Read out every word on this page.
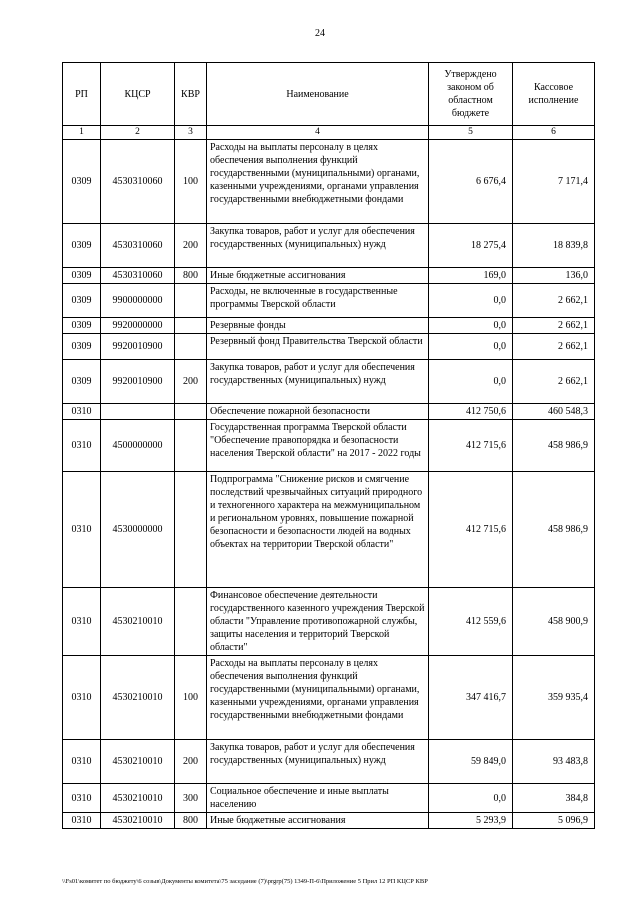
24
РП	КЦСР	КВР	Наименование	Утверждено законом об областном бюджете	Кассовое исполнение
1	2	3	4	5	6
0309	4530310060	100	Расходы на выплаты персоналу в целях обеспечения выполнения функций государственными (муниципальными) органами, казенными учреждениями, органами управления государственными внебюджетными фондами	6 676,4	7 171,4
0309	4530310060	200	Закупка товаров, работ и услуг для обеспечения государственных (муниципальных) нужд	18 275,4	18 839,8
0309	4530310060	800	Иные бюджетные ассигнования	169,0	136,0
0309	9900000000		Расходы, не включенные в государственные программы Тверской области	0,0	2 662,1
0309	9920000000		Резервные фонды	0,0	2 662,1
0309	9920010900		Резервный фонд Правительства Тверской области	0,0	2 662,1
0309	9920010900	200	Закупка товаров, работ и услуг для обеспечения государственных (муниципальных) нужд	0,0	2 662,1
0310			Обеспечение пожарной безопасности	412 750,6	460 548,3
0310	4500000000		Государственная программа Тверской области "Обеспечение правопорядка и безопасности населения Тверской области" на 2017 - 2022 годы	412 715,6	458 986,9
0310	4530000000		Подпрограмма "Снижение рисков и смягчение последствий чрезвычайных ситуаций природного и техногенного характера на межмуниципальном и региональном уровнях, повышение пожарной безопасности и безопасности людей на водных объектах на территории Тверской области"	412 715,6	458 986,9
0310	4530210010		Финансовое обеспечение деятельности государственного казенного учреждения Тверской области "Управление противопожарной службы, защиты населения и территорий Тверской области"	412 559,6	458 900,9
0310	4530210010	100	Расходы на выплаты персоналу в целях обеспечения выполнения функций государственными (муниципальными) органами, казенными учреждениями, органами управления государственными внебюджетными фондами	347 416,7	359 935,4
0310	4530210010	200	Закупка товаров, работ и услуг для обеспечения государственных (муниципальных) нужд	59 849,0	93 483,8
0310	4530210010	300	Социальное обеспечение и иные выплаты населению	0,0	384,8
0310	4530210010	800	Иные бюджетные ассигнования	5 293,9	5 096,9
\\Fs01\комитет по бюджету\6 созыв\Документы комитета\75 заседание (7)\prgrp(75) 1349-П-6\Приложение 5 Прил 12 РП КЦСР КВР
